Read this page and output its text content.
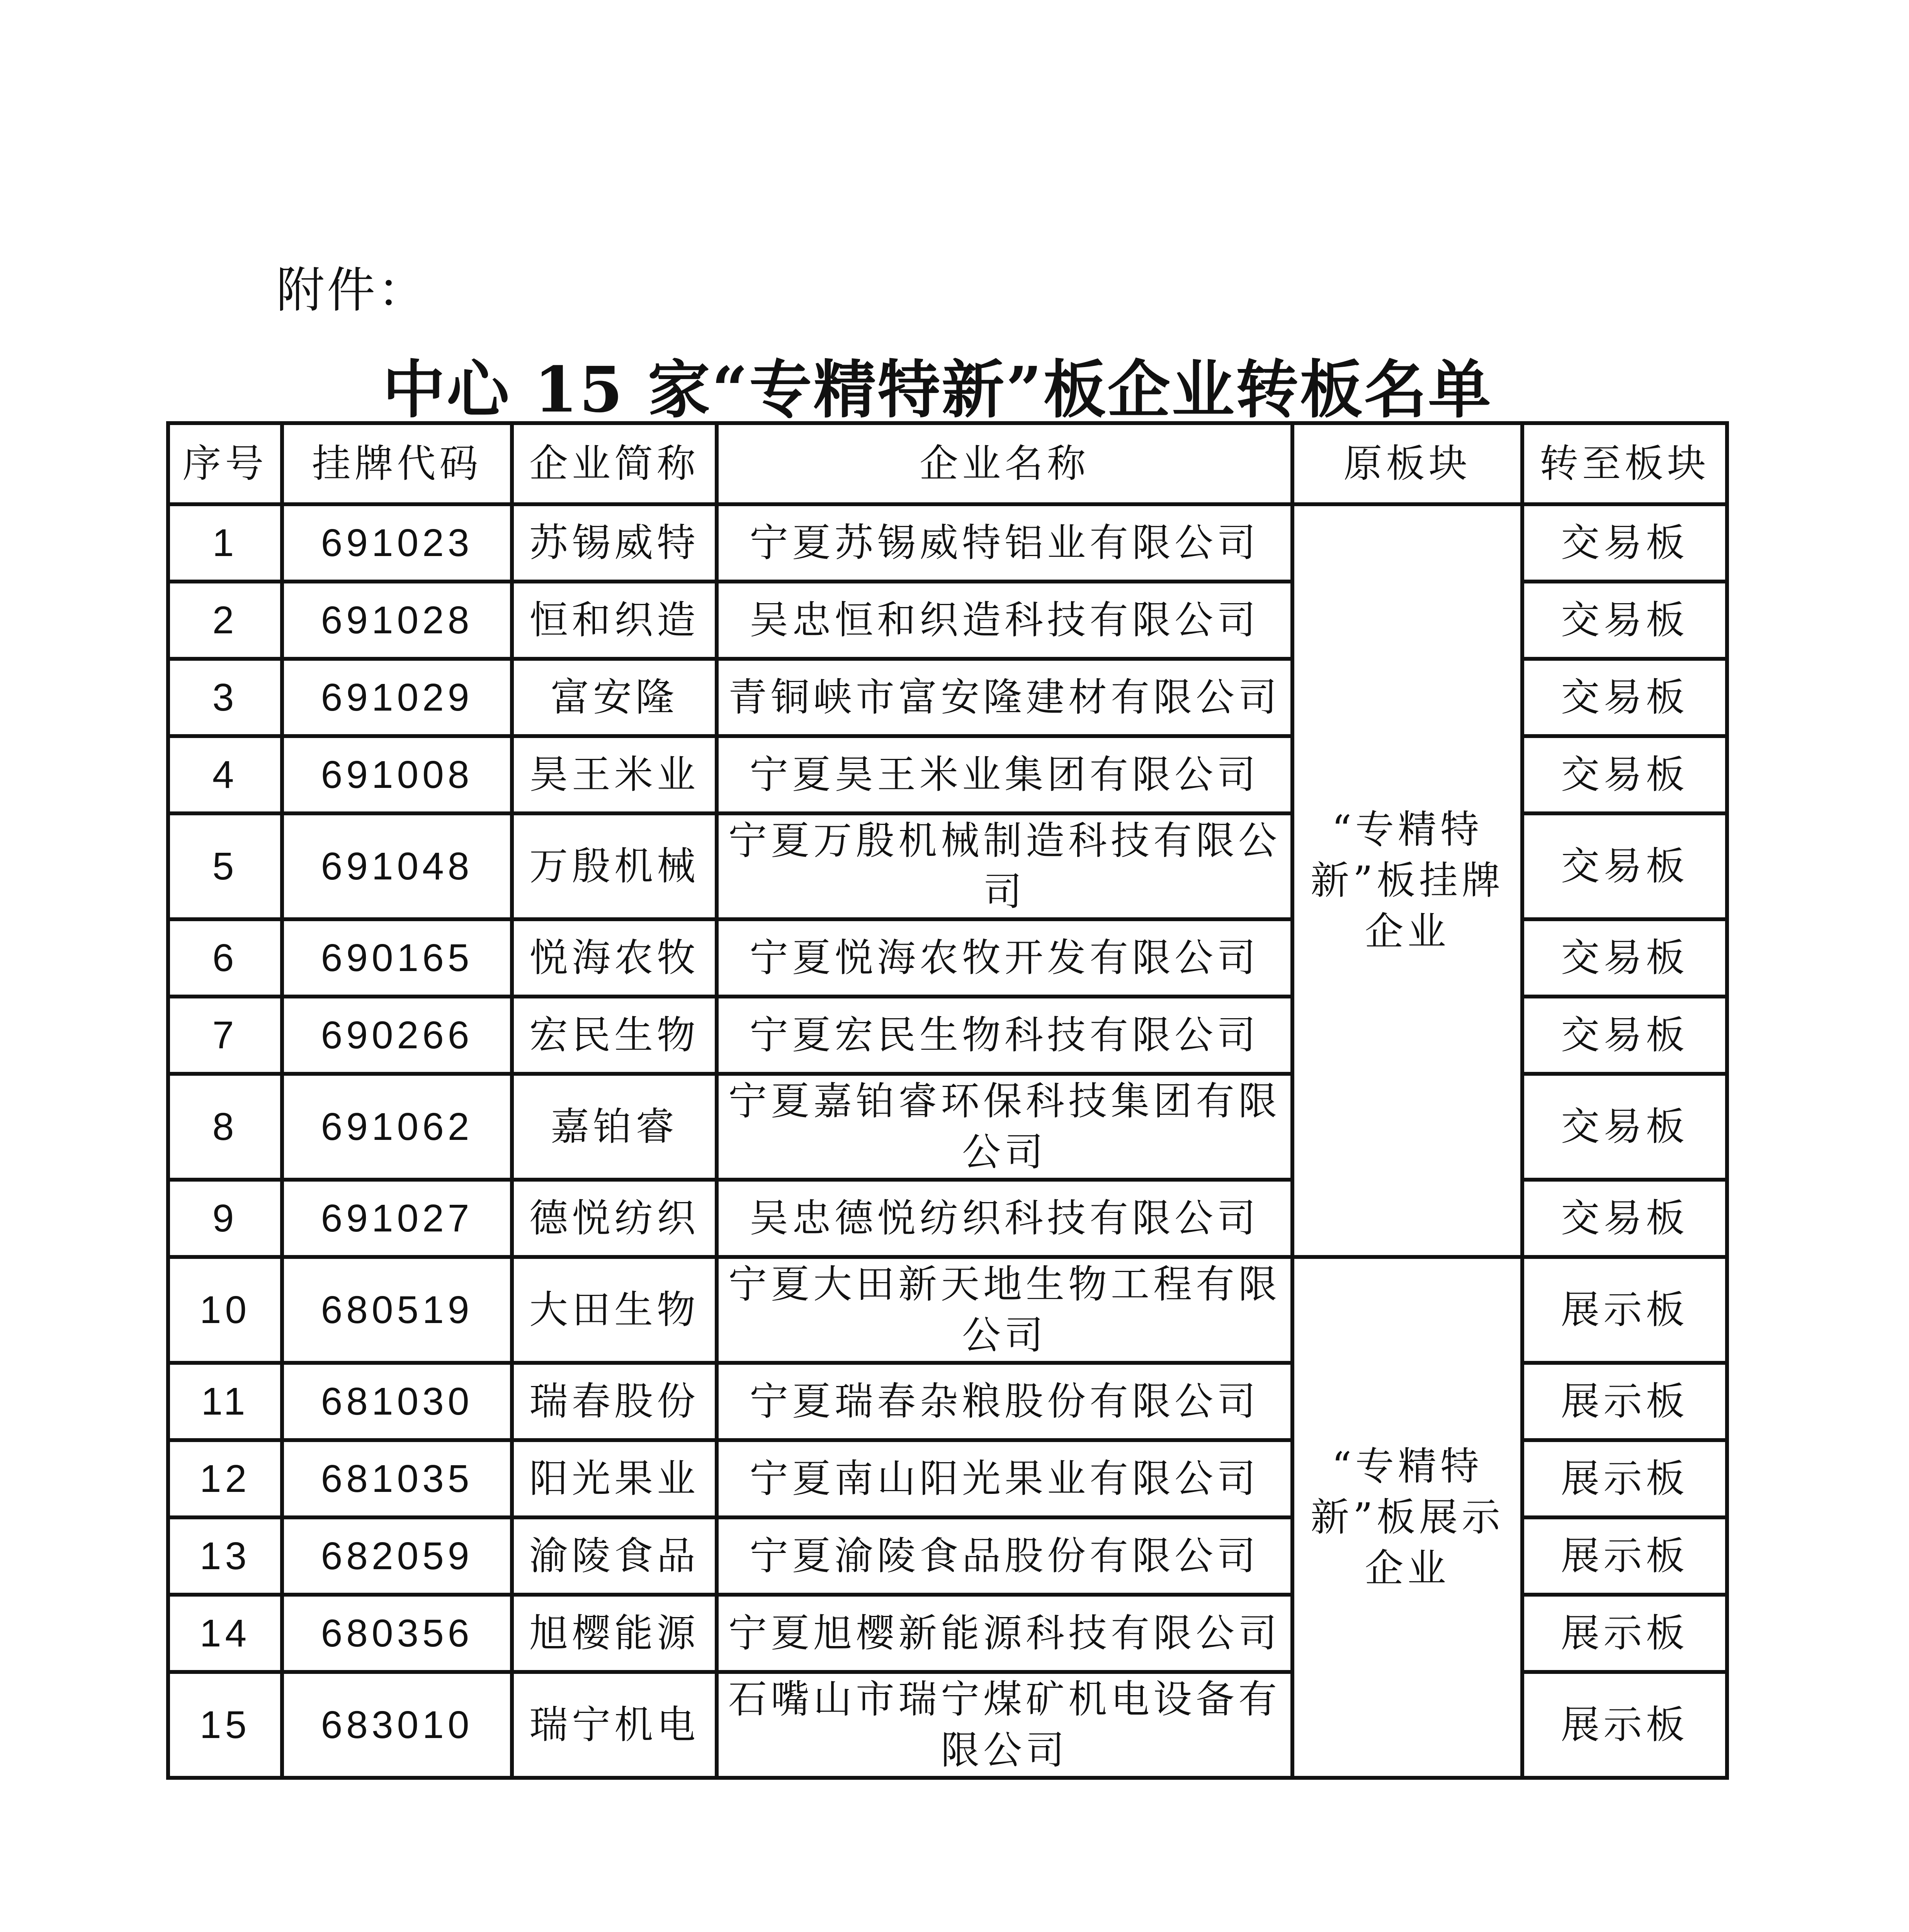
附件：
中心 15 家“专精特新”板企业转板名单
序号	挂牌代码	企业简称	企业名称	原板块	转至板块
1	691023	苏锡威特	宁夏苏锡威特铝业有限公司	“专精特新”板挂牌企业	交易板
2	691028	恒和织造	吴忠恒和织造科技有限公司		交易板
3	691029	富安隆	青铜峡市富安隆建材有限公司		交易板
4	691008	昊王米业	宁夏昊王米业集团有限公司		交易板
5	691048	万殷机械	宁夏万殷机械制造科技有限公司		交易板
6	690165	悦海农牧	宁夏悦海农牧开发有限公司		交易板
7	690266	宏民生物	宁夏宏民生物科技有限公司		交易板
8	691062	嘉铂睿	宁夏嘉铂睿环保科技集团有限公司		交易板
9	691027	德悦纺织	吴忠德悦纺织科技有限公司		交易板
10	680519	大田生物	宁夏大田新天地生物工程有限公司	“专精特新”板展示企业	展示板
11	681030	瑞春股份	宁夏瑞春杂粮股份有限公司		展示板
12	681035	阳光果业	宁夏南山阳光果业有限公司		展示板
13	682059	渝陵食品	宁夏渝陵食品股份有限公司		展示板
14	680356	旭樱能源	宁夏旭樱新能源科技有限公司		展示板
15	683010	瑞宁机电	石嘴山市瑞宁煤矿机电设备有限公司		展示板
